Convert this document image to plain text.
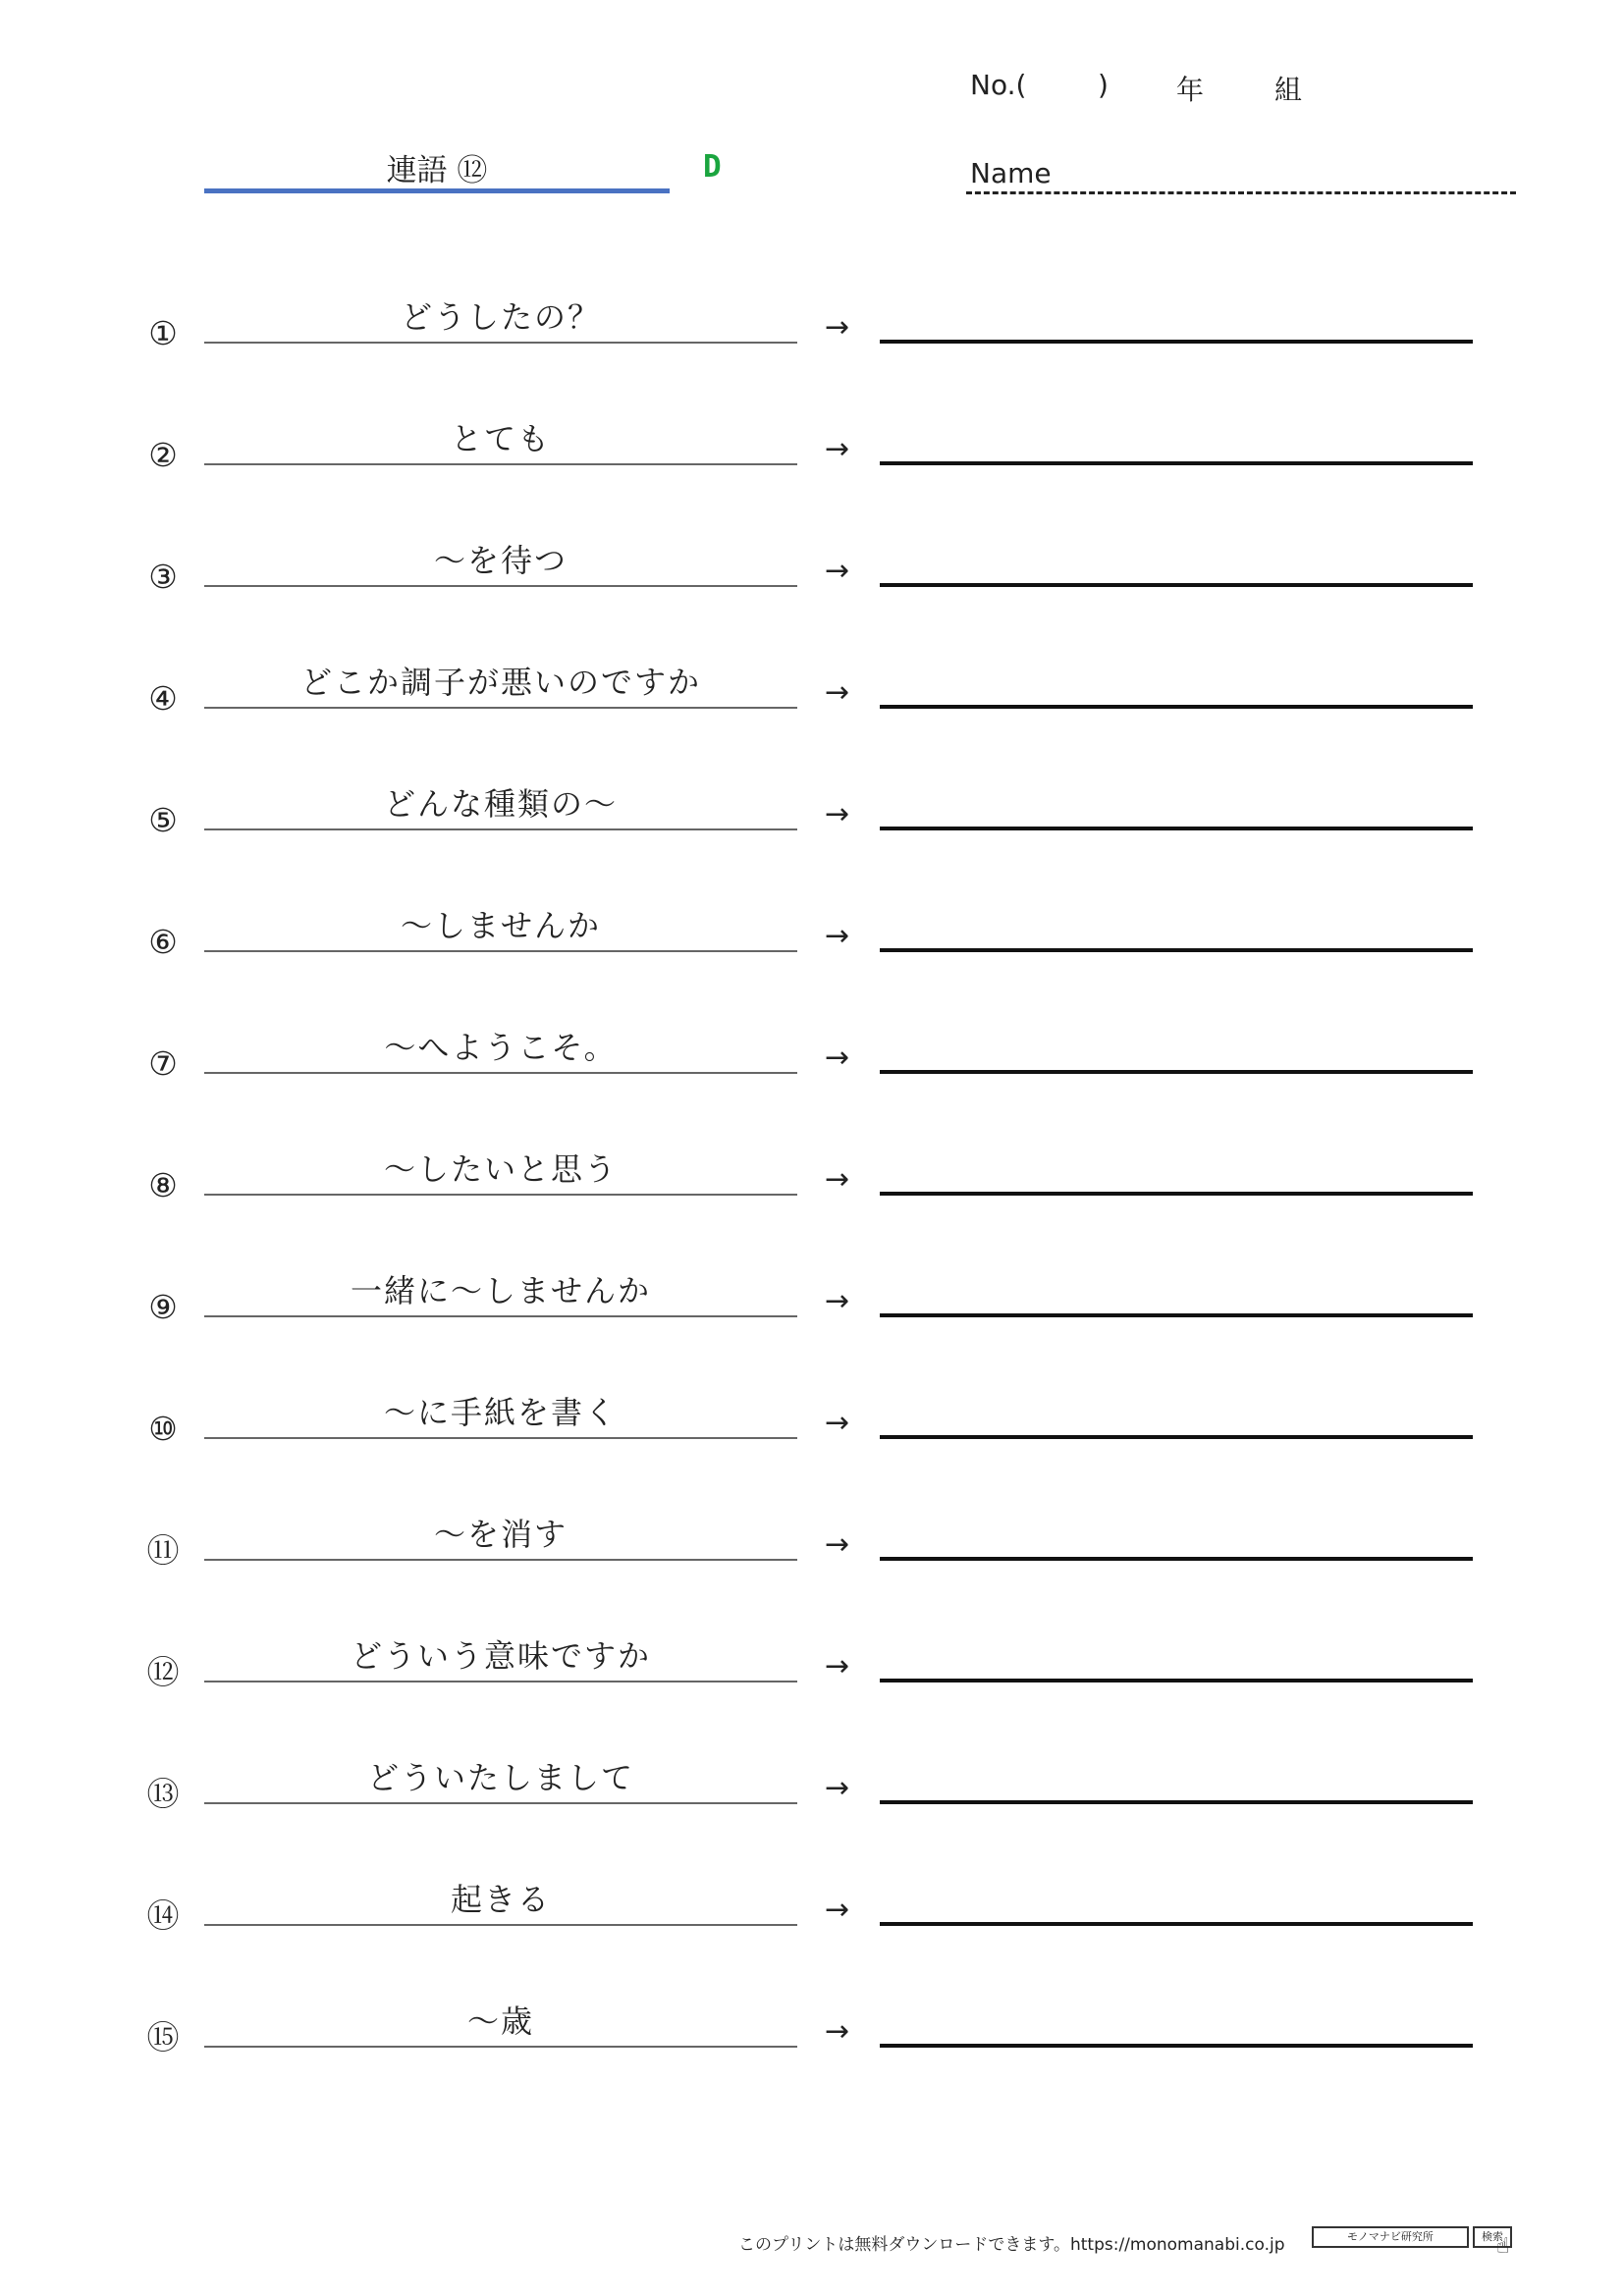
No.(	) 年	組
連語 ⑫	D	Name
①	どうしたの？	→
②	とても	→
③	～を待つ	→
④	どこか調子が悪いのですか	→
⑤	どんな種類の～	→
⑥	～しませんか	→
⑦	～へようこそ。	→
⑧	～したいと思う	→
⑨	一緒に～しませんか	→
⑩	～に手紙を書く	→
⑪	～を消す	→
⑫	どういう意味ですか	→
⑬	どういたしまして	→
⑭	起きる	→
⑮	～歳	→
このプリントは無料ダウンロードできます。https://monomanabi.co.jp	モノマナビ研究所	検索
☝
